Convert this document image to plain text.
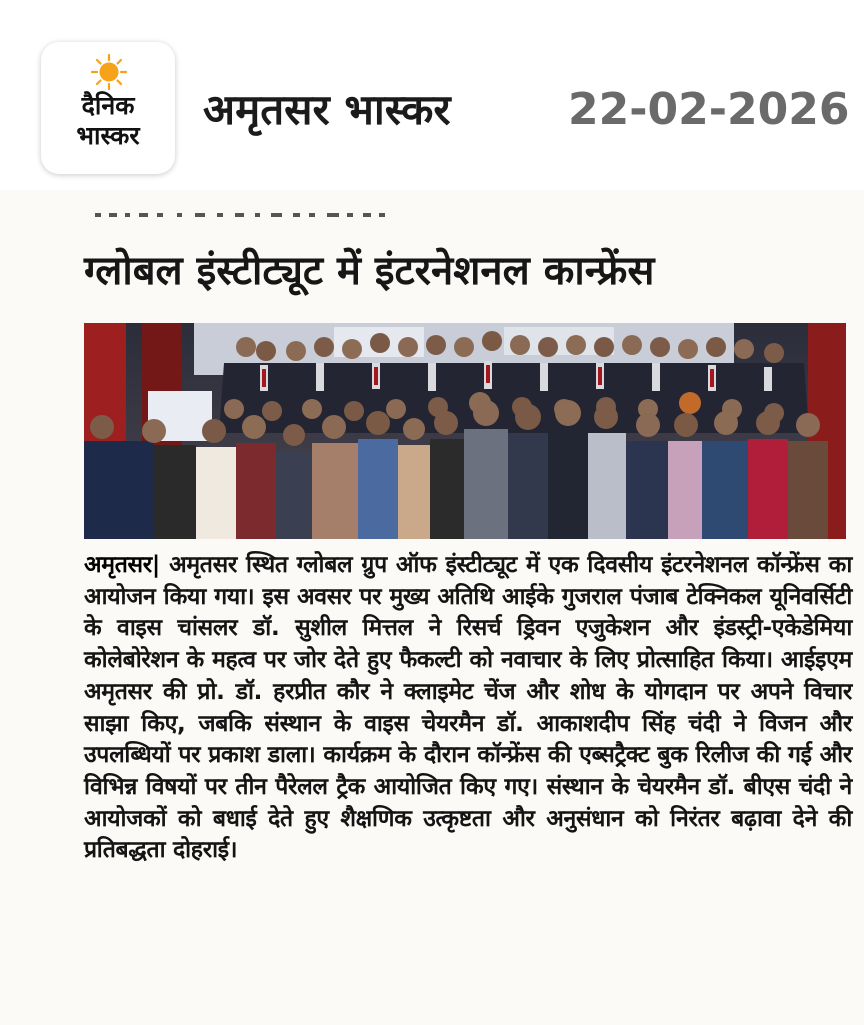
दैनिक
भास्कर
अमृतसर भास्कर	22-02-2026
ग्लोबल इंस्टीट्यूट में इंटरनेशनल कान्फ्रेंस

अमृतसर| अमृतसर स्थित ग्लोबल ग्रुप ऑफ इंस्टीट्यूट में एक दिवसीय इंटरनेशनल कॉन्फ्रेंस का आयोजन किया गया। इस अवसर पर मुख्य अतिथि आईके गुजराल पंजाब टेक्निकल यूनिवर्सिटी के वाइस चांसलर डॉ. सुशील मित्तल ने रिसर्च ड्रिवन एजुकेशन और इंडस्ट्री-एकेडेमिया कोलेबोरेशन के महत्व पर जोर देते हुए फैकल्टी को नवाचार के लिए प्रोत्साहित किया। आईइएम अमृतसर की प्रो. डॉ. हरप्रीत कौर ने क्लाइमेट चेंज और शोध के योगदान पर अपने विचार साझा किए, जबकि संस्थान के वाइस चेयरमैन डॉ. आकाशदीप सिंह चंदी ने विजन और उपलब्धियों पर प्रकाश डाला। कार्यक्रम के दौरान कॉन्फ्रेंस की एब्सट्रैक्ट बुक रिलीज की गई और विभिन्न विषयों पर तीन पैरेलल ट्रैक आयोजित किए गए। संस्थान के चेयरमैन डॉ. बीएस चंदी ने आयोजकों को बधाई देते हुए शैक्षणिक उत्कृष्टता और अनुसंधान को निरंतर बढ़ावा देने की प्रतिबद्धता दोहराई।
